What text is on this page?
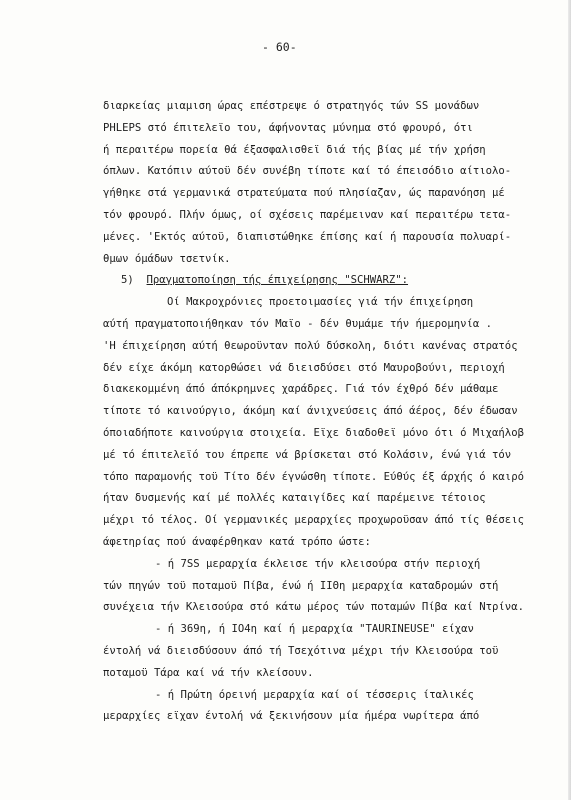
- 60-
διαρκείας μιαμιση ώρας επέστρεψε ό στρατηγός τών SS μονάδων
PHLEPS στό έπιτελεϊο του, άφήνοντας μύνημα στό φρουρό, ότι
ή περαιτέρω πορεία θά έξασφαλισθεϊ διά τής βίας μέ τήν χρήση
όπλων. Κατόπιν αύτοϋ δέν συνέβη τίποτε καί τό έπεισόδιο αίτιολο-
γήθηκε στά γερμανικά στρατεύματα πού πλησίαζαν, ώς παρανόηση μέ
τόν φρουρό. Πλήν όμως, οί σχέσεις παρέμειναν καί περαιτέρω τετα-
μένες. 'Εκτός αύτοϋ, διαπιστώθηκε έπίσης καί ή παρουσία πολυαρί-
θμων όμάδων τσετνίκ.
5) Πραγματοποίηση τής έπιχείρησης "SCHWARZ":
Οί Μακροχρόνιες προετοιμασίες γιά τήν έπιχείρηση
αύτή πραγματοποιήθηκαν τόν Μαϊο - δέν θυμάμε τήν ήμερομηνία .
'Η έπιχείρηση αύτή θεωροϋνταν πολύ δύσκολη, διότι κανένας στρατός
δέν είχε άκόμη κατορθώσει νά διεισδύσει στό Μαυροβούνι, περιοχή
διακεκομμένη άπό άπόκρημνες χαράδρες. Γιά τόν έχθρό δέν μάθαμε
τίποτε τό καινούργιο, άκόμη καί άνιχνεύσεις άπό άέρος, δέν έδωσαν
όποιαδήποτε καινούργια στοιχεία. Εϊχε διαδοθεϊ μόνο ότι ό Μιχαήλοβ
μέ τό έπιτελεϊό του έπρεπε νά βρίσκεται στό Κολάσιν, ένώ γιά τόν
τόπο παραμονής τοϋ Τίτο δέν έγνώσθη τίποτε. Εύθύς έξ άρχής ό καιρό
ήταν δυσμενής καί μέ πολλές καταιγίδες καί παρέμεινε τέτοιος
μέχρι τό τέλος. Οί γερμανικές μεραρχίες προχωροϋσαν άπό τίς θέσεις
άφετηρίας πού άναφέρθηκαν κατά τρόπο ώστε:
- ή 7SS μεραρχία έκλεισε τήν κλεισούρα στήν περιοχή
τών πηγών τοϋ ποταμοϋ Πίβα, ένώ ή IIΘη μεραρχία καταδρομών στή
συνέχεια τήν Κλεισούρα στό κάτω μέρος τών ποταμών Πίβα καί Ντρίνα.
- ή 369η, ή IO4η καί ή μεραρχία "TAURINEUSE" είχαν
έντολή νά διεισδύσουν άπό τή Τσεχότινα μέχρι τήν Κλεισούρα τοϋ
ποταμοϋ Τάρα καί νά τήν κλείσουν.
- ή Πρώτη όρεινή μεραρχία καί οί τέσσερις ίταλικές
μεραρχίες εϊχαν έντολή νά ξεκινήσουν μία ήμέρα νωρίτερα άπό
